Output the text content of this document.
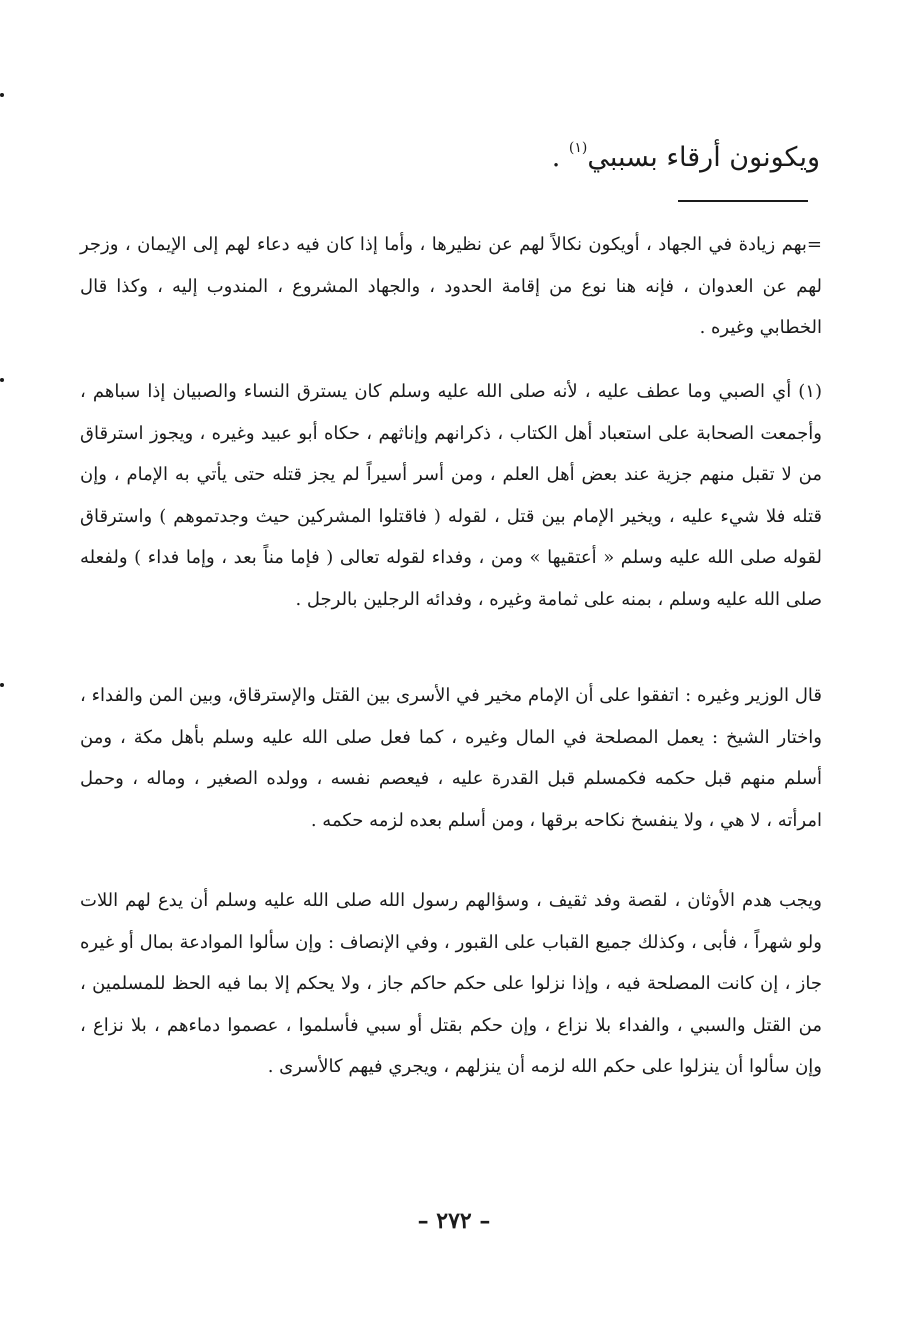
ويكونون أرقاء بسببي$^{(١)}$ .

=بهم زيادة في الجهاد ، أويكون نكالاً لهم عن نظيرها ، وأما إذا كان فيه دعاء لهم إلى الإيمان ، وزجر لهم عن العدوان ، فإنه هنا نوع من إقامة الحدود ، والجهاد المشروع ، المندوب إليه ، وكذا قال الخطابي وغيره .

(١) أي الصبي وما عطف عليه ، لأنه صلى الله عليه وسلم كان يسترق النساء والصبيان إذا سباهم ، وأجمعت الصحابة على استعباد أهل الكتاب ، ذكرانهم وإناثهم ، حكاه أبو عبيد وغيره ، ويجوز استرقاق من لا تقبل منهم جزية عند بعض أهل العلم ، ومن أسر أسيراً لم يجز قتله حتى يأتي به الإمام ، وإن قتله فلا شيء عليه ، ويخير الإمام بين قتل ، لقوله ( فاقتلوا المشركين حيث وجدتموهم ) واسترقاق لقوله صلى الله عليه وسلم « أعتقيها » ومن ، وفداء لقوله تعالى ( فإما مناً بعد ، وإما فداء ) ولفعله صلى الله عليه وسلم ، بمنه على ثمامة وغيره ، وفدائه الرجلين بالرجل .

قال الوزير وغيره : اتفقوا على أن الإمام مخير في الأسرى بين القتل والإسترقاق، وبين المن والفداء ، واختار الشيخ : يعمل المصلحة في المال وغيره ، كما فعل صلى الله عليه وسلم بأهل مكة ، ومن أسلم منهم قبل حكمه فكمسلم قبل القدرة عليه ، فيعصم نفسه ، وولده الصغير ، وماله ، وحمل امرأته ، لا هي ، ولا ينفسخ نكاحه برقها ، ومن أسلم بعده لزمه حكمه .

ويجب هدم الأوثان ، لقصة وفد ثقيف ، وسؤالهم رسول الله صلى الله عليه وسلم أن يدع لهم اللات ولو شهراً ، فأبى ، وكذلك جميع القباب على القبور ، وفي الإنصاف : وإن سألوا الموادعة بمال أو غيره جاز ، إن كانت المصلحة فيه ، وإذا نزلوا على حكم حاكم جاز ، ولا يحكم إلا بما فيه الحظ للمسلمين ، من القتل والسبي ، والفداء بلا نزاع ، وإن حكم بقتل أو سبي فأسلموا ، عصموا دماءهم ، بلا نزاع ، وإن سألوا أن ينزلوا على حكم الله لزمه أن ينزلهم ، ويجري فيهم كالأسرى .

– ٢٧٢ –
